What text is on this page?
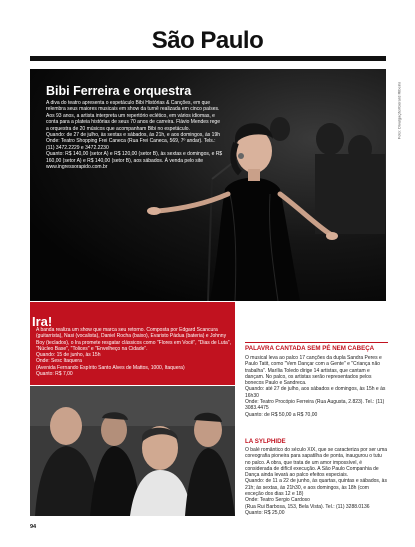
São Paulo
Bibi Ferreira e orquestra

A diva do teatro apresenta o espetáculo Bibi Histórias & Canções, em que relembra seus maiores musicais em show da turnê realizada em cinco países. Aos 93 anos, a artista interpreta um repertório eclético, em vários idiomas, e conta para a plateia histórias de seus 70 anos de carreira. Flávio Mendes rege a orquestra de 20 músicos que acompanham Bibi no espetáculo.

Quando: de 27 de julho, às sextas e sábados, às 21h, e aos domingos, às 19h

Onde: Teatro Shopping Frei Caneca (Rua Frei Caneca, 569, 7º andar). Tels.: (11) 3472.2229 e 3472.2230

Quanto: R$ 140,00 (setor A) e R$ 120,00 (setor B), às sextas e domingos, e R$ 160,00 (setor A) e R$ 140,00 (setor B), aos sábados. À venda pelo site www.ingressorapido.com.br

Foto: Divulgação/Gérard Ribeiro
Ira!

A banda realiza um show que marca seu retorno. Composta por Edgard Scancura (guitarrista), Nasi (vocalista), Daniel Rocha (baixo), Evaristo Pádua (bateria) e Johnny Boy (teclados), o Ira promete resgatar clássicos como "Flores em Você", "Dias de Luta", "Núcleo Base", "Tolices" e "Envelheço na Cidade".

Quando: 15 de junho, às 15h

Onde: Sesc Itaquera

(Avenida Fernando Espírito Santo Alves de Mattos, 1000, Itaquera)

Quanto: R$ 7,00

PALAVRA CANTADA SEM PÉ NEM CABEÇA

O musical leva ao palco 17 canções da dupla Sandra Peres e Paulo Tatit, como "Vem Dançar com a Gente" e "Criança não trabalha". Marília Toledo dirige 14 artistas, que cantam e dançam. No palco, os artistas serão representados pelos bonecos Paulo e Sandreca.

Quando: até 27 de julho, aos sábados e domingos, às 15h e às 16h30

Onde: Teatro Procópio Ferreira (Rua Augusta, 2.823). Tel.: (11) 3083.4475

Quanto: de R$ 50,00 a R$ 70,00

LA SYLPHIDE

O balé romântico do século XIX, que se caracteriza por ser uma coreografia pioneira para sapatilha de ponta, inaugurou o tutu no palco. A obra, que trata de um amor impossível, é considerada de difícil execução. A São Paulo Companhia de Dança ainda levará ao palco efeitos especiais.

Quando: de 11 a 22 de junho, às quartas, quintas e sábados, às 21h; às sextas, às 21h30, e aos domingos, às 18h (com exceção dos dias 12 e 18)

Onde: Teatro Sergio Cardoso

(Rua Rui Barbosa, 153, Bela Vista). Tel.: (11) 3288.0136

Quanto: R$ 25,00

94
